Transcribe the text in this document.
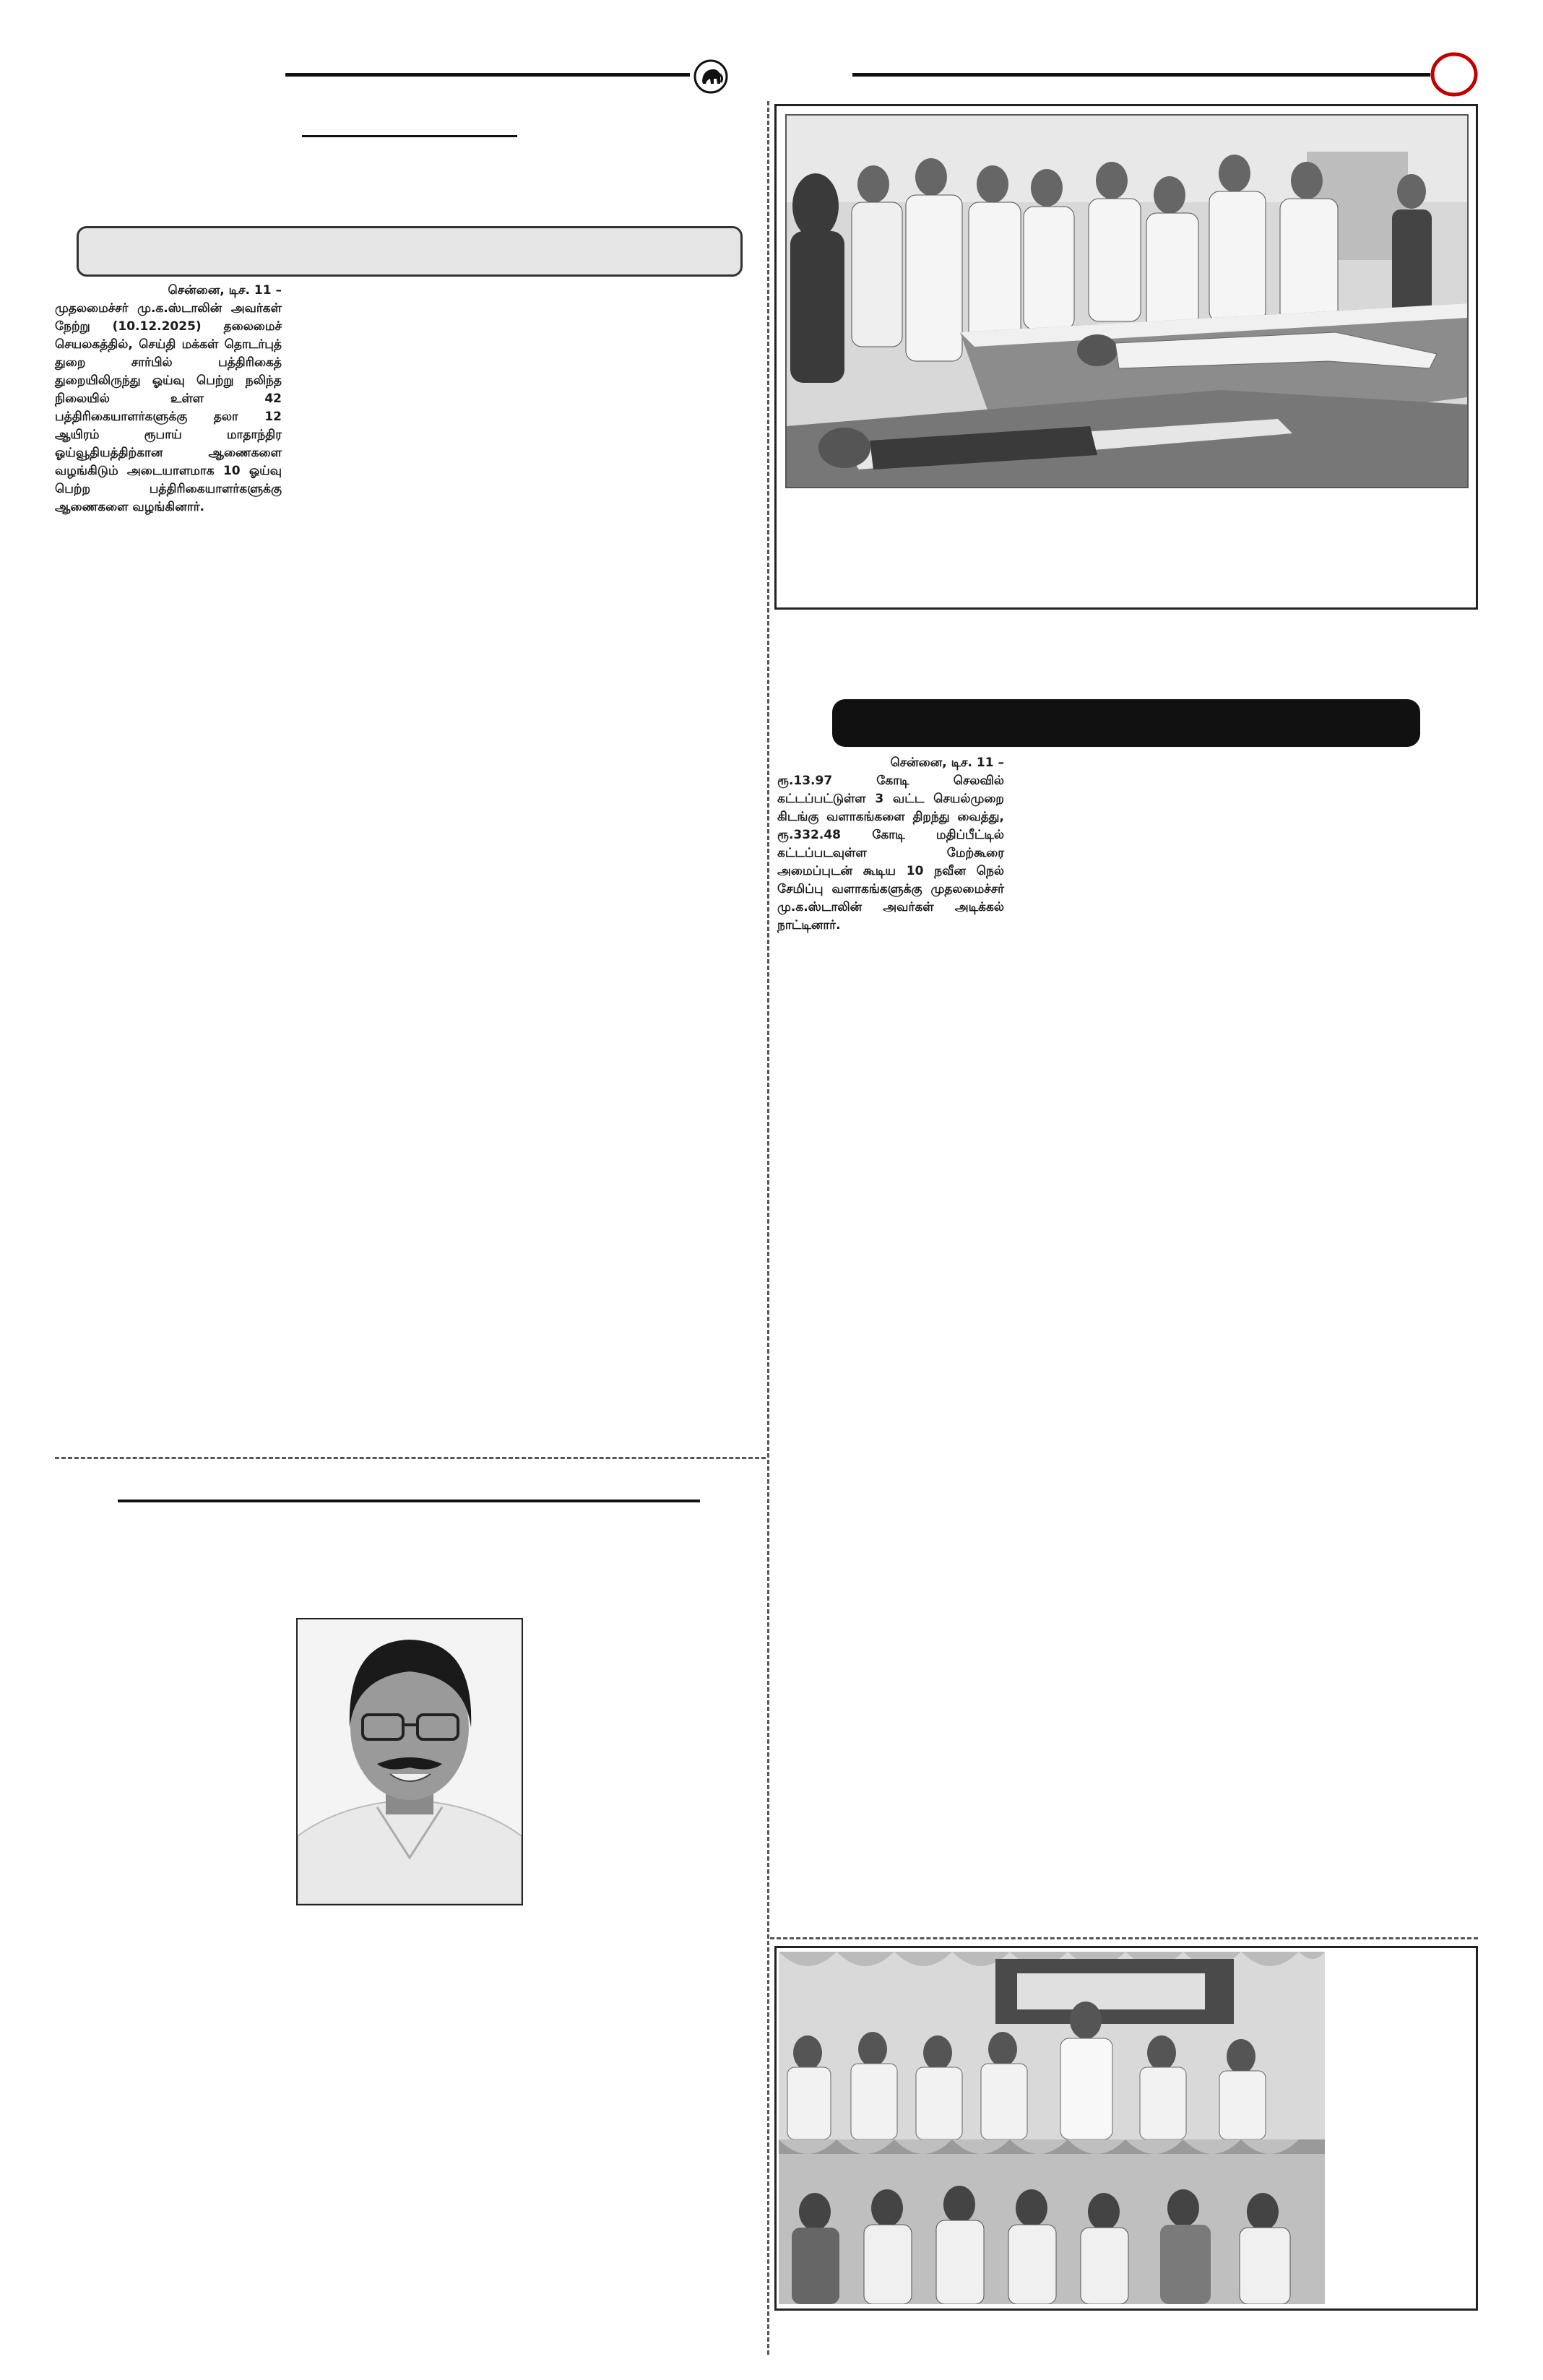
சென்னை, டிச. 11 –
முதலமைச்சர் மு.க.ஸ்டாலின் அவர்கள் நேற்று (10.12.2025) தலைமைச் செயலகத்தில், செய்தி மக்கள் தொடர்புத் துறை சார்பில் பத்திரிகைத் துறையிலிருந்து ஓய்வு பெற்று நலிந்த நிலையில் உள்ள 42 பத்திரிகையாளர்களுக்கு தலா 12 ஆயிரம் ரூபாய் மாதாந்திர ஓய்வூதியத்திற்கான ஆணைகளை வழங்கிடும் அடையாளமாக 10 ஓய்வு பெற்ற பத்திரிகையாளர்களுக்கு ஆணைகளை வழங்கினார்.
சென்னை, டிச. 11 –
ரூ.13.97 கோடி செலவில் கட்டப்பட்டுள்ள 3 வட்ட செயல்முறை கிடங்கு வளாகங்களை திறந்து வைத்து, ரூ.332.48 கோடி மதிப்பீட்டில் கட்டப்படவுள்ள மேற்கூரை அமைப்புடன் கூடிய 10 நவீன நெல் சேமிப்பு வளாகங்களுக்கு முதலமைச்சர் மு.க.ஸ்டாலின் அவர்கள் அடிக்கல் நாட்டினார்.
